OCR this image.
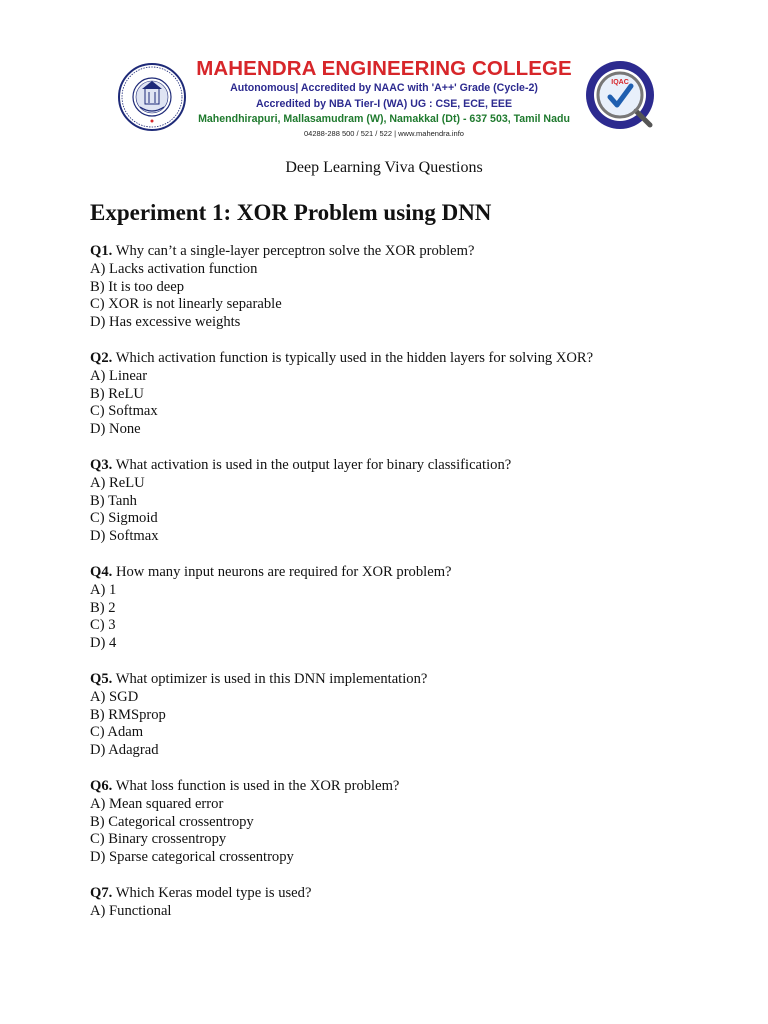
MAHENDRA ENGINEERING COLLEGE
Autonomous| Accredited by NAAC with 'A++' Grade (Cycle-2)
Accredited by NBA Tier-I (WA) UG : CSE, ECE, EEE
Mahendhirapuri, Mallasamudram (W), Namakkal (Dt) - 637 503, Tamil Nadu
04288-288 500 / 521 / 522 | www.mahendra.info
IQAC
Deep Learning Viva Questions
Experiment 1: XOR Problem using DNN
Q1. Why can’t a single-layer perceptron solve the XOR problem?
A) Lacks activation function
B) It is too deep
C) XOR is not linearly separable
D) Has excessive weights
Q2. Which activation function is typically used in the hidden layers for solving XOR?
A) Linear
B) ReLU
C) Softmax
D) None
Q3. What activation is used in the output layer for binary classification?
A) ReLU
B) Tanh
C) Sigmoid
D) Softmax
Q4. How many input neurons are required for XOR problem?
A) 1
B) 2
C) 3
D) 4
Q5. What optimizer is used in this DNN implementation?
A) SGD
B) RMSprop
C) Adam
D) Adagrad
Q6. What loss function is used in the XOR problem?
A) Mean squared error
B) Categorical crossentropy
C) Binary crossentropy
D) Sparse categorical crossentropy
Q7. Which Keras model type is used?
A) Functional
